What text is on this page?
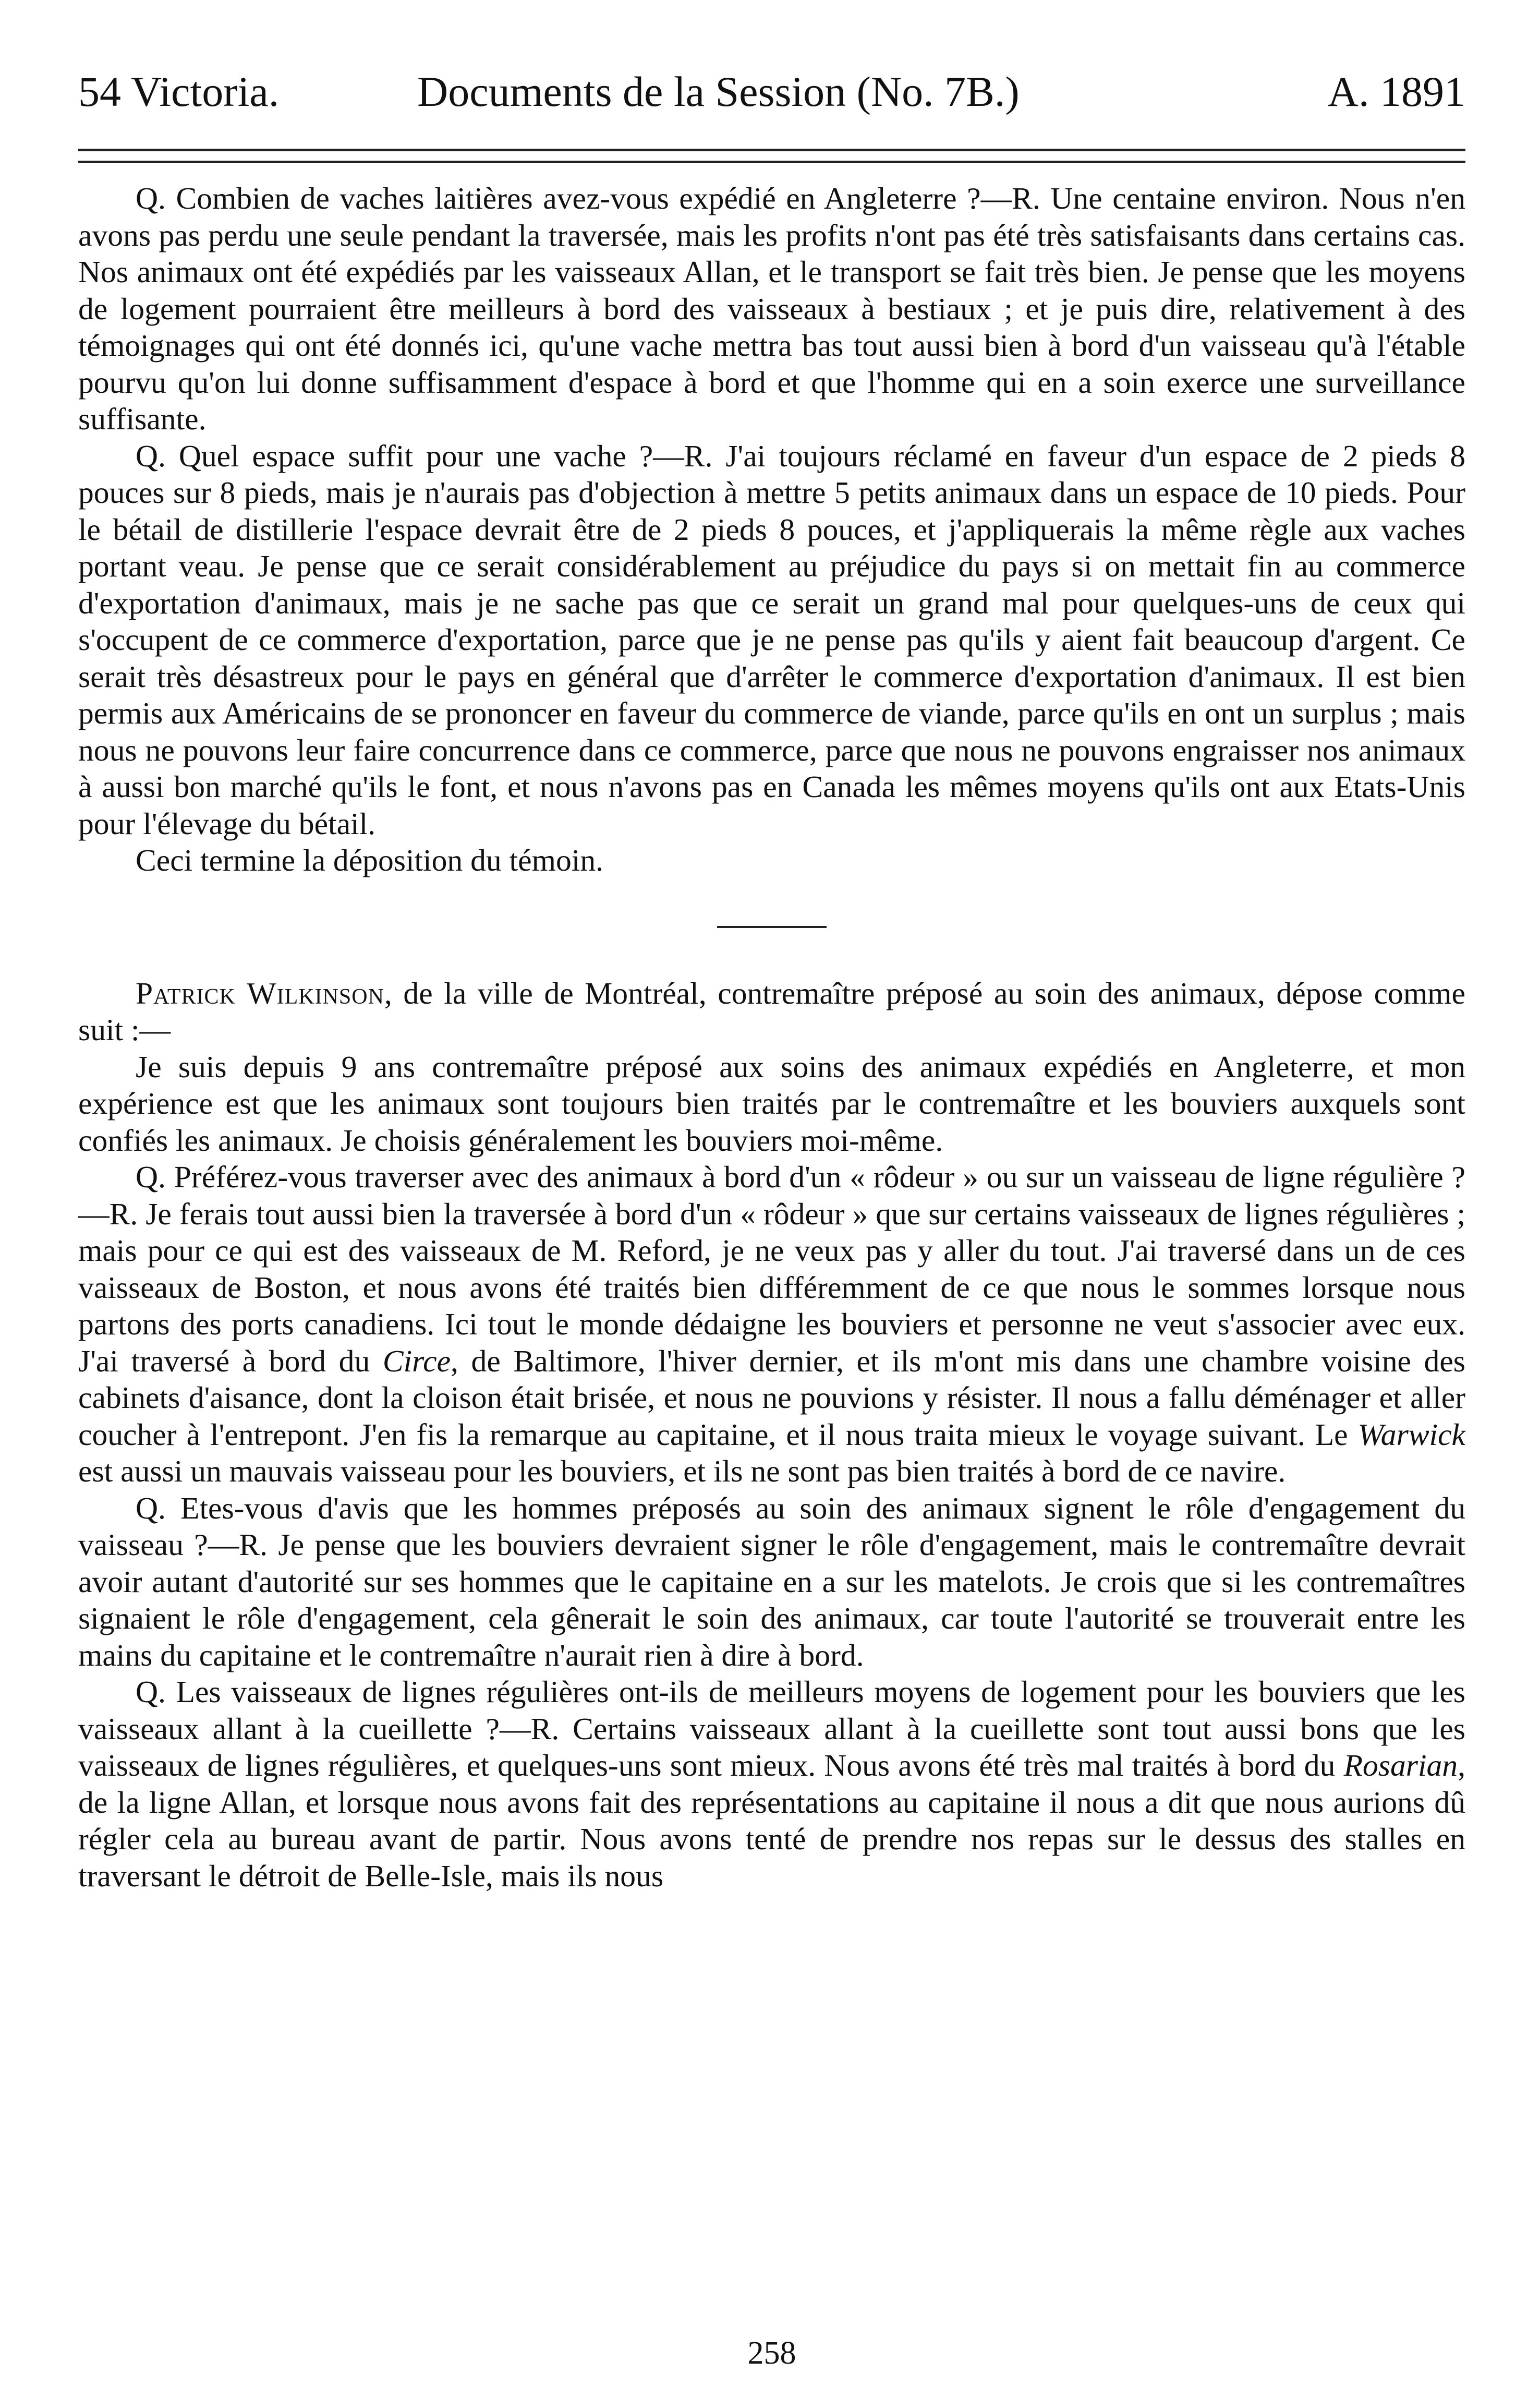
54 Victoria.	Documents de la Session (No. 7B.)	A. 1891

Q. Combien de vaches laitières avez-vous expédié en Angleterre ?—R. Une centaine environ. Nous n'en avons pas perdu une seule pendant la traversée, mais les profits n'ont pas été très satisfaisants dans certains cas. Nos animaux ont été expédiés par les vaisseaux Allan, et le transport se fait très bien. Je pense que les moyens de logement pourraient être meilleurs à bord des vaisseaux à bestiaux ; et je puis dire, relativement à des témoignages qui ont été donnés ici, qu'une vache mettra bas tout aussi bien à bord d'un vaisseau qu'à l'étable pourvu qu'on lui donne suffisamment d'espace à bord et que l'homme qui en a soin exerce une surveillance suffisante.

Q. Quel espace suffit pour une vache ?—R. J'ai toujours réclamé en faveur d'un espace de 2 pieds 8 pouces sur 8 pieds, mais je n'aurais pas d'objection à mettre 5 petits animaux dans un espace de 10 pieds. Pour le bétail de distillerie l'espace devrait être de 2 pieds 8 pouces, et j'appliquerais la même règle aux vaches portant veau. Je pense que ce serait considérablement au préjudice du pays si on mettait fin au commerce d'exportation d'animaux, mais je ne sache pas que ce serait un grand mal pour quelques-uns de ceux qui s'occupent de ce commerce d'exportation, parce que je ne pense pas qu'ils y aient fait beaucoup d'argent. Ce serait très désastreux pour le pays en général que d'arrêter le commerce d'exportation d'animaux. Il est bien permis aux Américains de se prononcer en faveur du commerce de viande, parce qu'ils en ont un surplus ; mais nous ne pouvons leur faire concurrence dans ce commerce, parce que nous ne pouvons engraisser nos animaux à aussi bon marché qu'ils le font, et nous n'avons pas en Canada les mêmes moyens qu'ils ont aux Etats-Unis pour l'élevage du bétail.

Ceci termine la déposition du témoin.

Patrick Wilkinson, de la ville de Montréal, contremaître préposé au soin des animaux, dépose comme suit :—

Je suis depuis 9 ans contremaître préposé aux soins des animaux expédiés en Angleterre, et mon expérience est que les animaux sont toujours bien traités par le contremaître et les bouviers auxquels sont confiés les animaux. Je choisis généralement les bouviers moi-même.

Q. Préférez-vous traverser avec des animaux à bord d'un « rôdeur » ou sur un vaisseau de ligne régulière ?—R. Je ferais tout aussi bien la traversée à bord d'un « rôdeur » que sur certains vaisseaux de lignes régulières ; mais pour ce qui est des vaisseaux de M. Reford, je ne veux pas y aller du tout. J'ai traversé dans un de ces vaisseaux de Boston, et nous avons été traités bien différemment de ce que nous le sommes lorsque nous partons des ports canadiens. Ici tout le monde dédaigne les bouviers et personne ne veut s'associer avec eux. J'ai traversé à bord du Circe, de Baltimore, l'hiver dernier, et ils m'ont mis dans une chambre voisine des cabinets d'aisance, dont la cloison était brisée, et nous ne pouvions y résister. Il nous a fallu déménager et aller coucher à l'entrepont. J'en fis la remarque au capitaine, et il nous traita mieux le voyage suivant. Le Warwick est aussi un mauvais vaisseau pour les bouviers, et ils ne sont pas bien traités à bord de ce navire.

Q. Etes-vous d'avis que les hommes préposés au soin des animaux signent le rôle d'engagement du vaisseau ?—R. Je pense que les bouviers devraient signer le rôle d'engagement, mais le contremaître devrait avoir autant d'autorité sur ses hommes que le capitaine en a sur les matelots. Je crois que si les contremaîtres signaient le rôle d'engagement, cela gênerait le soin des animaux, car toute l'autorité se trouverait entre les mains du capitaine et le contremaître n'aurait rien à dire à bord.

Q. Les vaisseaux de lignes régulières ont-ils de meilleurs moyens de logement pour les bouviers que les vaisseaux allant à la cueillette ?—R. Certains vaisseaux allant à la cueillette sont tout aussi bons que les vaisseaux de lignes régulières, et quelques-uns sont mieux. Nous avons été très mal traités à bord du Rosarian, de la ligne Allan, et lorsque nous avons fait des représentations au capitaine il nous a dit que nous aurions dû régler cela au bureau avant de partir. Nous avons tenté de prendre nos repas sur le dessus des stalles en traversant le détroit de Belle-Isle, mais ils nous

258
